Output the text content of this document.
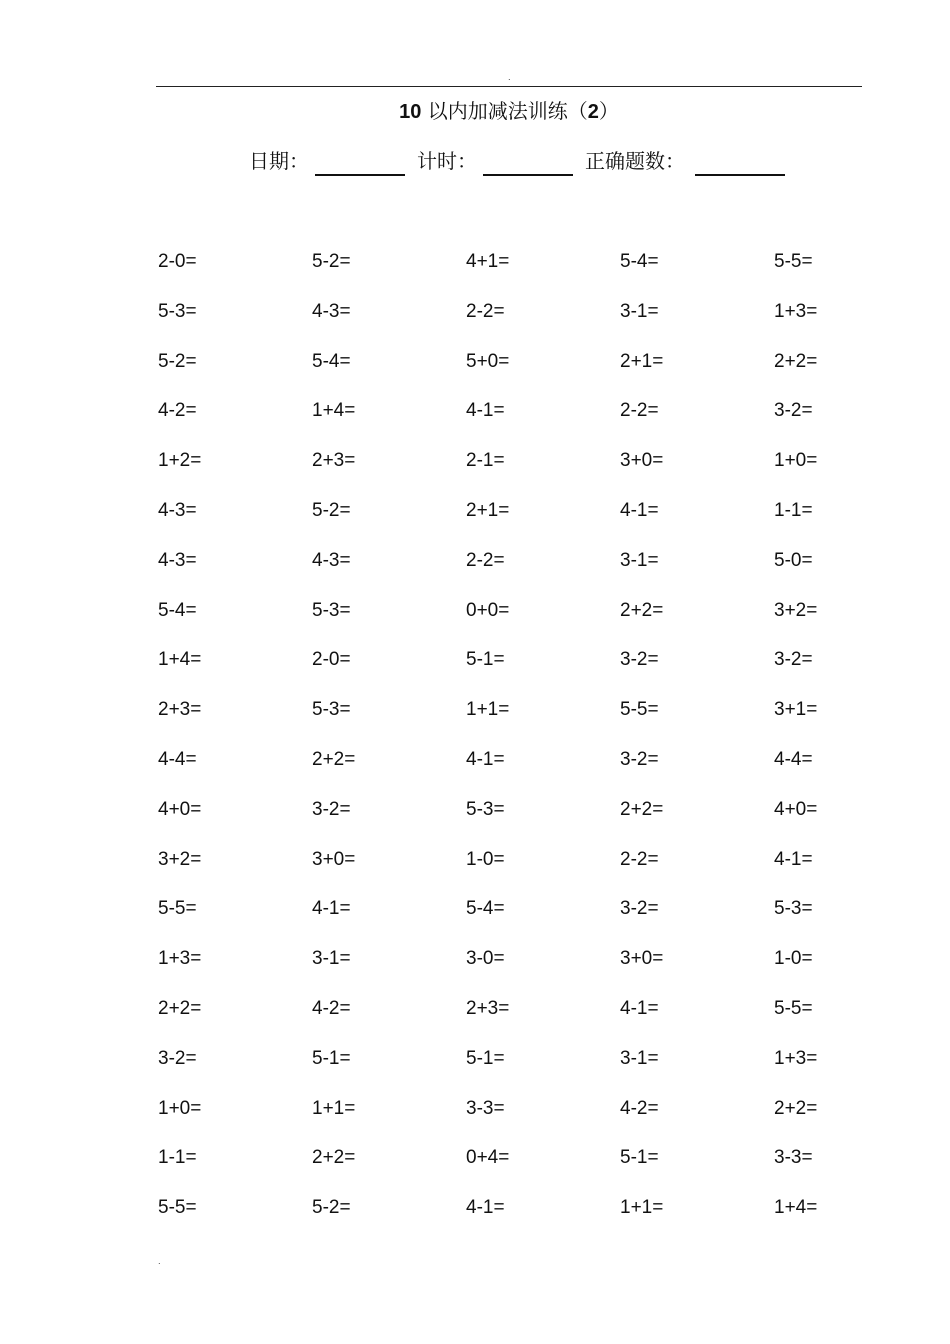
.
10 以内加减法训练（2）
日期：	计时：	正确题数：
2-0=	5-2=	4+1=	5-4=	5-5=
5-3=	4-3=	2-2=	3-1=	1+3=
5-2=	5-4=	5+0=	2+1=	2+2=
4-2=	1+4=	4-1=	2-2=	3-2=
1+2=	2+3=	2-1=	3+0=	1+0=
4-3=	5-2=	2+1=	4-1=	1-1=
4-3=	4-3=	2-2=	3-1=	5-0=
5-4=	5-3=	0+0=	2+2=	3+2=
1+4=	2-0=	5-1=	3-2=	3-2=
2+3=	5-3=	1+1=	5-5=	3+1=
4-4=	2+2=	4-1=	3-2=	4-4=
4+0=	3-2=	5-3=	2+2=	4+0=
3+2=	3+0=	1-0=	2-2=	4-1=
5-5=	4-1=	5-4=	3-2=	5-3=
1+3=	3-1=	3-0=	3+0=	1-0=
2+2=	4-2=	2+3=	4-1=	5-5=
3-2=	5-1=	5-1=	3-1=	1+3=
1+0=	1+1=	3-3=	4-2=	2+2=
1-1=	2+2=	0+4=	5-1=	3-3=
5-5=	5-2=	4-1=	1+1=	1+4=
.
